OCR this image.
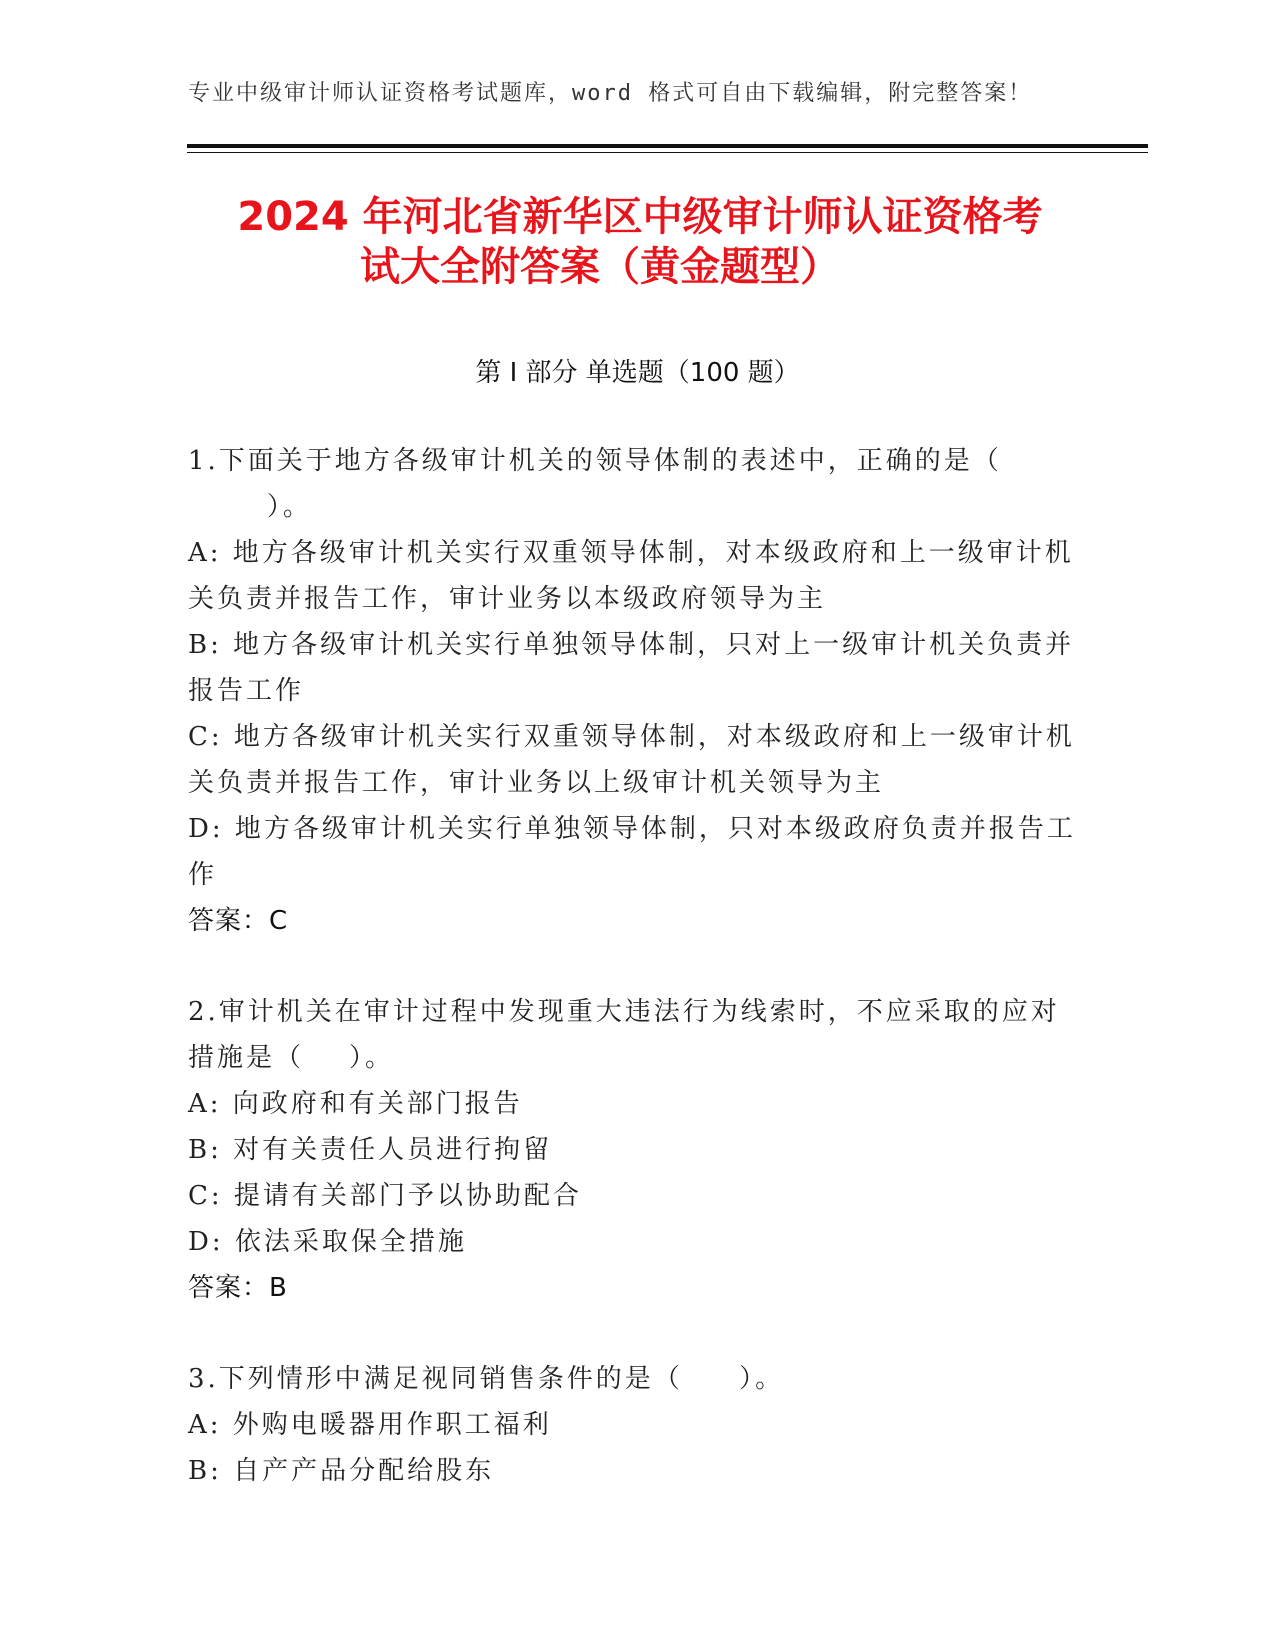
专业中级审计师认证资格考试题库，word 格式可自由下载编辑，附完整答案！
2024 年河北省新华区中级审计师认证资格考
试大全附答案（黄金题型）
第 I 部分 单选题（100 题）
1.下面关于地方各级审计机关的领导体制的表述中，正确的是（
）。
A: 地方各级审计机关实行双重领导体制，对本级政府和上一级审计机
关负责并报告工作，审计业务以本级政府领导为主
B: 地方各级审计机关实行单独领导体制，只对上一级审计机关负责并
报告工作
C: 地方各级审计机关实行双重领导体制，对本级政府和上一级审计机
关负责并报告工作，审计业务以上级审计机关领导为主
D: 地方各级审计机关实行单独领导体制，只对本级政府负责并报告工
作
答案：C
2.审计机关在审计过程中发现重大违法行为线索时，不应采取的应对
措施是（    ）。
A: 向政府和有关部门报告
B: 对有关责任人员进行拘留
C: 提请有关部门予以协助配合
D: 依法采取保全措施
答案：B
3.下列情形中满足视同销售条件的是（     ）。
A: 外购电暖器用作职工福利
B: 自产产品分配给股东
